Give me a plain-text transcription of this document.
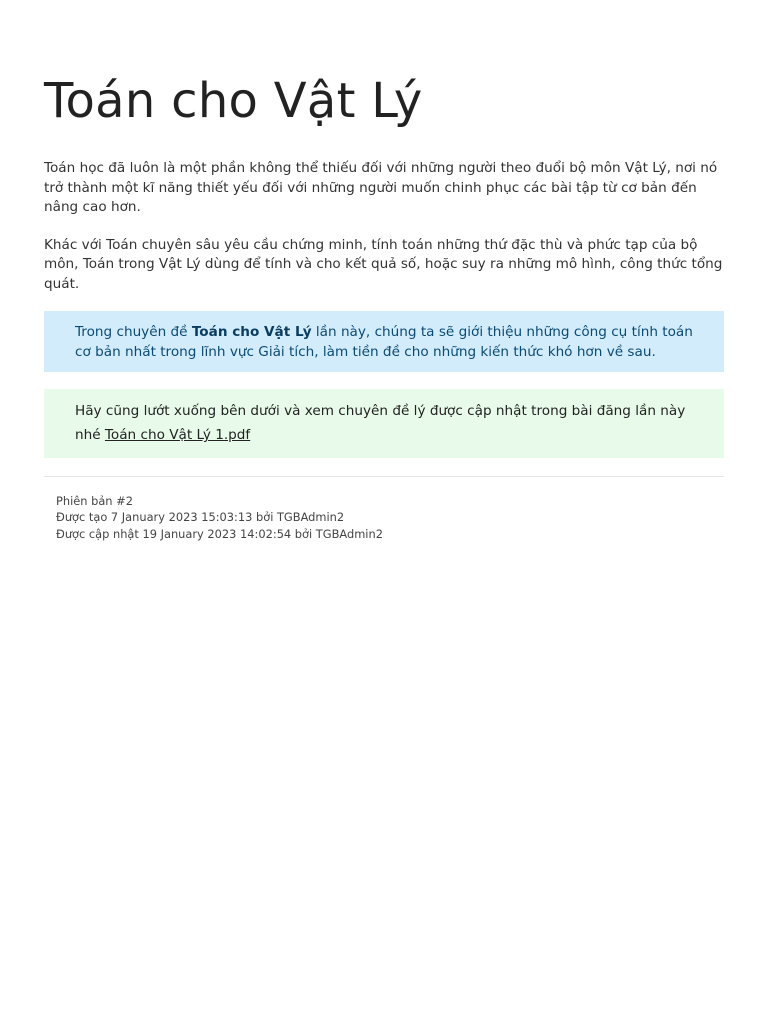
Toán cho Vật Lý

Toán học đã luôn là một phần không thể thiếu đối với những người theo đuổi bộ môn Vật Lý, nơi nó trở thành một kĩ năng thiết yếu đối với những người muốn chinh phục các bài tập từ cơ bản đến nâng cao hơn.

Khác với Toán chuyên sâu yêu cầu chứng minh, tính toán những thứ đặc thù và phức tạp của bộ môn, Toán trong Vật Lý dùng để tính và cho kết quả số, hoặc suy ra những mô hình, công thức tổng quát.

Trong chuyên đề Toán cho Vật Lý lần này, chúng ta sẽ giới thiệu những công cụ tính toán cơ bản nhất trong lĩnh vực Giải tích, làm tiền đề cho những kiến thức khó hơn về sau.
Hãy cũng lướt xuống bên dưới và xem chuyên đề lý được cập nhật trong bài đăng lần này nhé Toán cho Vật Lý 1.pdf
Phiên bản #2
Được tạo 7 January 2023 15:03:13 bởi TGBAdmin2
Được cập nhật 19 January 2023 14:02:54 bởi TGBAdmin2
